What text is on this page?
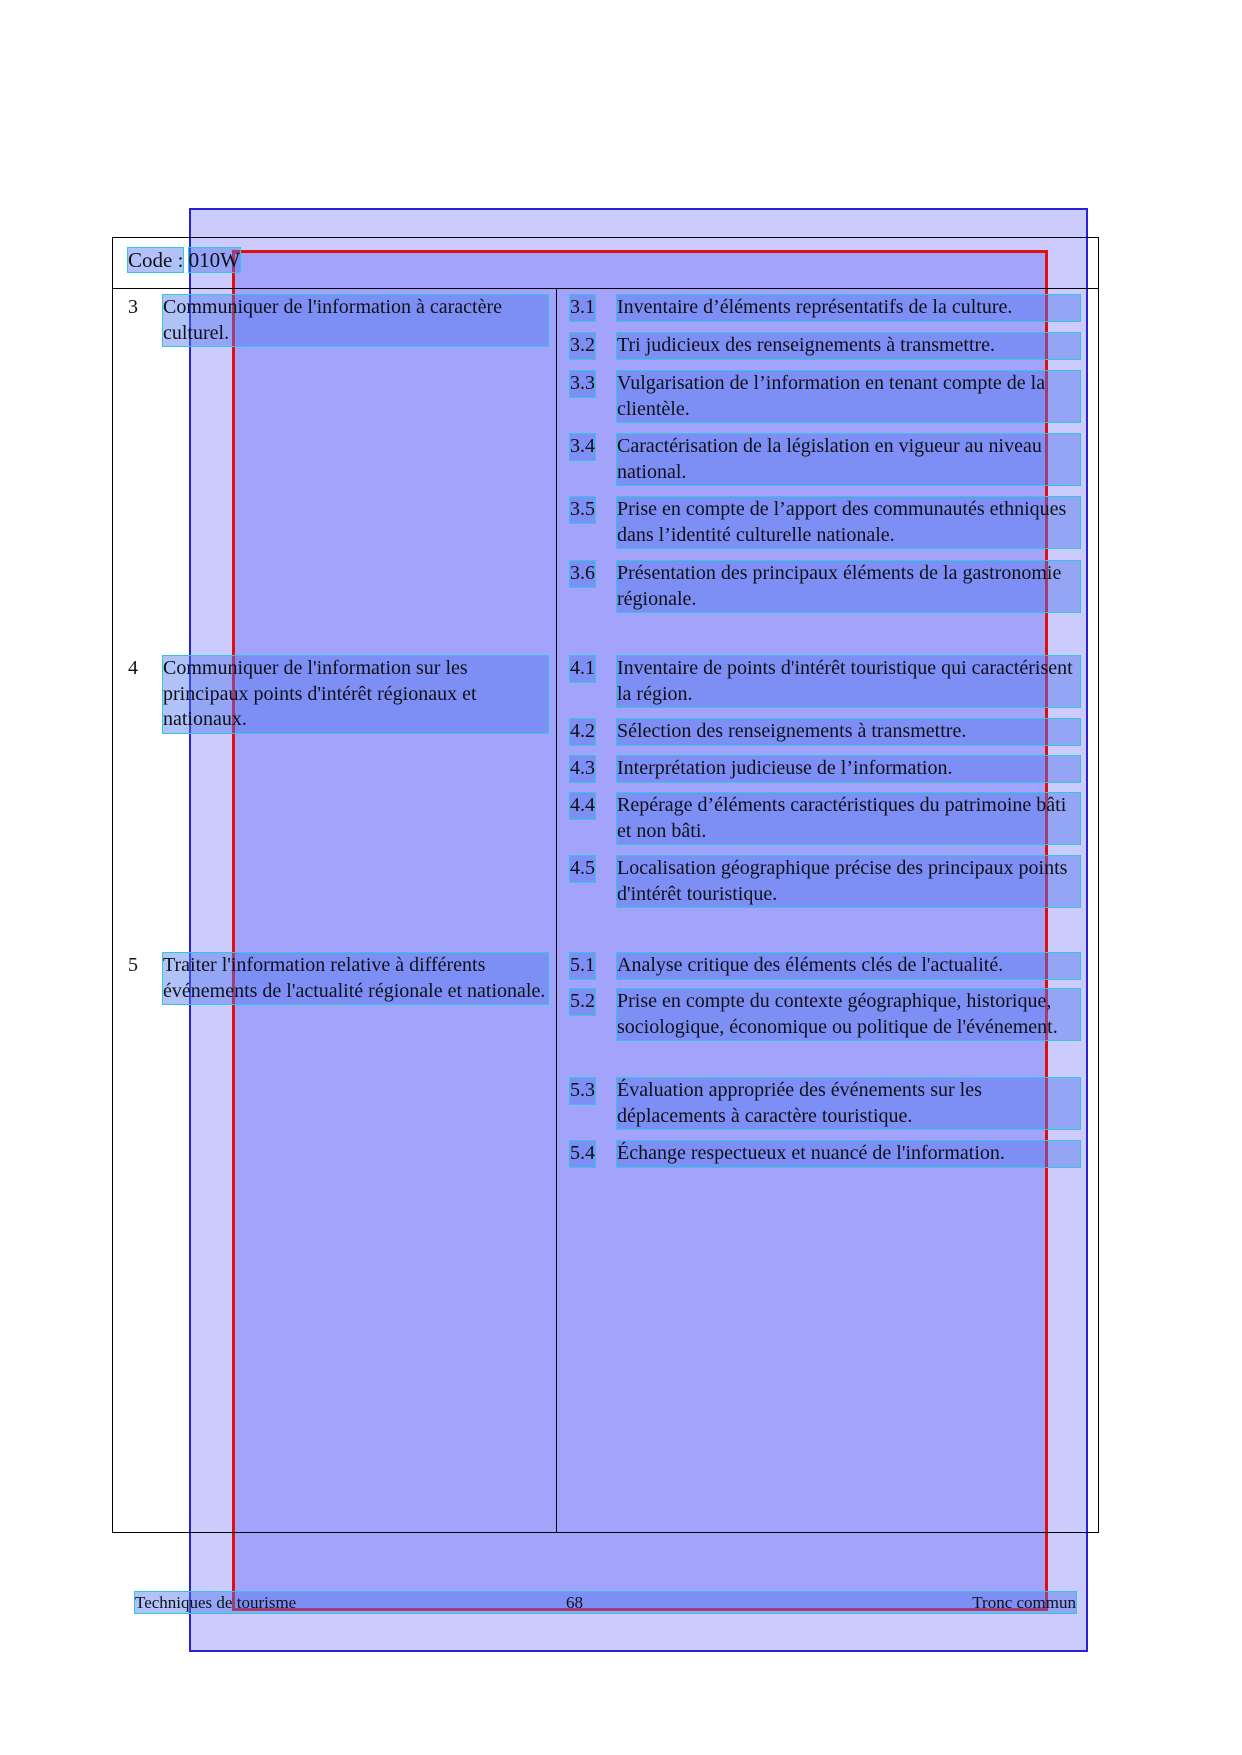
Code : 010W
3 Communiquer de l'information à caractère culturel.
3.1 Inventaire d’éléments représentatifs de la culture.
3.2 Tri judicieux des renseignements à transmettre.
3.3 Vulgarisation de l’information en tenant compte de la clientèle.
3.4 Caractérisation de la législation en vigueur au niveau national.
3.5 Prise en compte de l’apport des communautés ethniques dans l’identité culturelle nationale.
3.6 Présentation des principaux éléments de la gastronomie régionale.
4 Communiquer de l'information sur les principaux points d'intérêt régionaux et nationaux.
4.1 Inventaire de points d'intérêt touristique qui caractérisent la région.
4.2 Sélection des renseignements à transmettre.
4.3 Interprétation judicieuse de l’information.
4.4 Repérage d’éléments caractéristiques du patrimoine bâti et non bâti.
4.5 Localisation géographique précise des principaux points d'intérêt touristique.
5 Traiter l'information relative à différents événements de l'actualité régionale et nationale.
5.1 Analyse critique des éléments clés de l'actualité.
5.2 Prise en compte du contexte géographique, historique, sociologique, économique ou politique de l'événement.
5.3 Évaluation appropriée des événements sur les déplacements à caractère touristique.
5.4 Échange respectueux et nuancé de l'information.
Techniques de tourisme	68	Tronc commun
